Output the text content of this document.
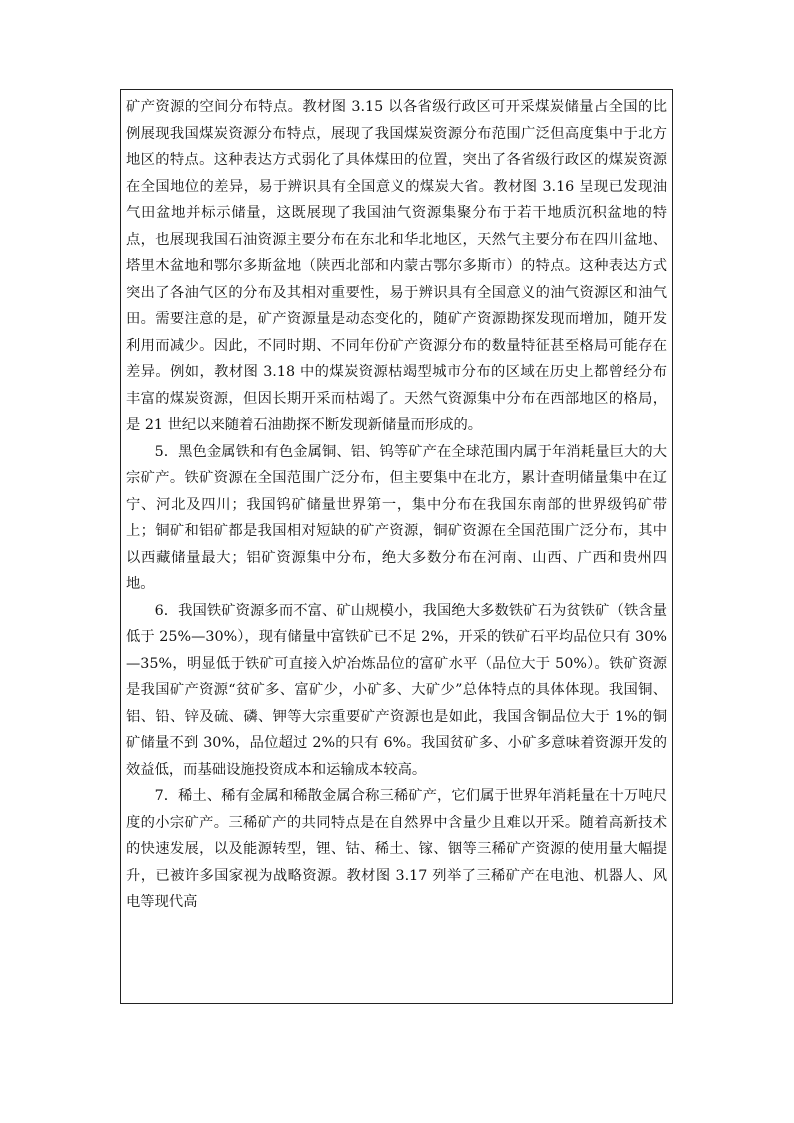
矿产资源的空间分布特点。教材图 3.15 以各省级行政区可开采煤炭储量占全国的比例展现我国煤炭资源分布特点，展现了我国煤炭资源分布范围广泛但高度集中于北方地区的特点。这种表达方式弱化了具体煤田的位置，突出了各省级行政区的煤炭资源在全国地位的差异，易于辨识具有全国意义的煤炭大省。教材图 3.16 呈现已发现油气田盆地并标示储量，这既展现了我国油气资源集聚分布于若干地质沉积盆地的特点，也展现我国石油资源主要分布在东北和华北地区，天然气主要分布在四川盆地、塔里木盆地和鄂尔多斯盆地（陕西北部和内蒙古鄂尔多斯市）的特点。这种表达方式突出了各油气区的分布及其相对重要性，易于辨识具有全国意义的油气资源区和油气田。需要注意的是，矿产资源量是动态变化的，随矿产资源勘探发现而增加，随开发利用而减少。因此，不同时期、不同年份矿产资源分布的数量特征甚至格局可能存在差异。例如，教材图 3.18 中的煤炭资源枯竭型城市分布的区域在历史上都曾经分布丰富的煤炭资源，但因长期开采而枯竭了。天然气资源集中分布在西部地区的格局，是 21 世纪以来随着石油勘探不断发现新储量而形成的。

5．黑色金属铁和有色金属铜、铝、钨等矿产在全球范围内属于年消耗量巨大的大宗矿产。铁矿资源在全国范围广泛分布，但主要集中在北方，累计查明储量集中在辽宁、河北及四川；我国钨矿储量世界第一，集中分布在我国东南部的世界级钨矿带上；铜矿和铝矿都是我国相对短缺的矿产资源，铜矿资源在全国范围广泛分布，其中以西藏储量最大；铝矿资源集中分布，绝大多数分布在河南、山西、广西和贵州四地。

6．我国铁矿资源多而不富、矿山规模小，我国绝大多数铁矿石为贫铁矿（铁含量低于 25%—30%），现有储量中富铁矿已不足 2%，开采的铁矿石平均品位只有 30%—35%，明显低于铁矿可直接入炉冶炼品位的富矿水平（品位大于 50%）。铁矿资源是我国矿产资源“贫矿多、富矿少，小矿多、大矿少”总体特点的具体体现。我国铜、铝、铅、锌及硫、磷、钾等大宗重要矿产资源也是如此，我国含铜品位大于 1%的铜矿储量不到 30%，品位超过 2%的只有 6%。我国贫矿多、小矿多意味着资源开发的效益低，而基础设施投资成本和运输成本较高。

7．稀土、稀有金属和稀散金属合称三稀矿产，它们属于世界年消耗量在十万吨尺度的小宗矿产。三稀矿产的共同特点是在自然界中含量少且难以开采。随着高新技术的快速发展，以及能源转型，锂、钴、稀土、镓、铟等三稀矿产资源的使用量大幅提升，已被许多国家视为战略资源。教材图 3.17 列举了三稀矿产在电池、机器人、风电等现代高
